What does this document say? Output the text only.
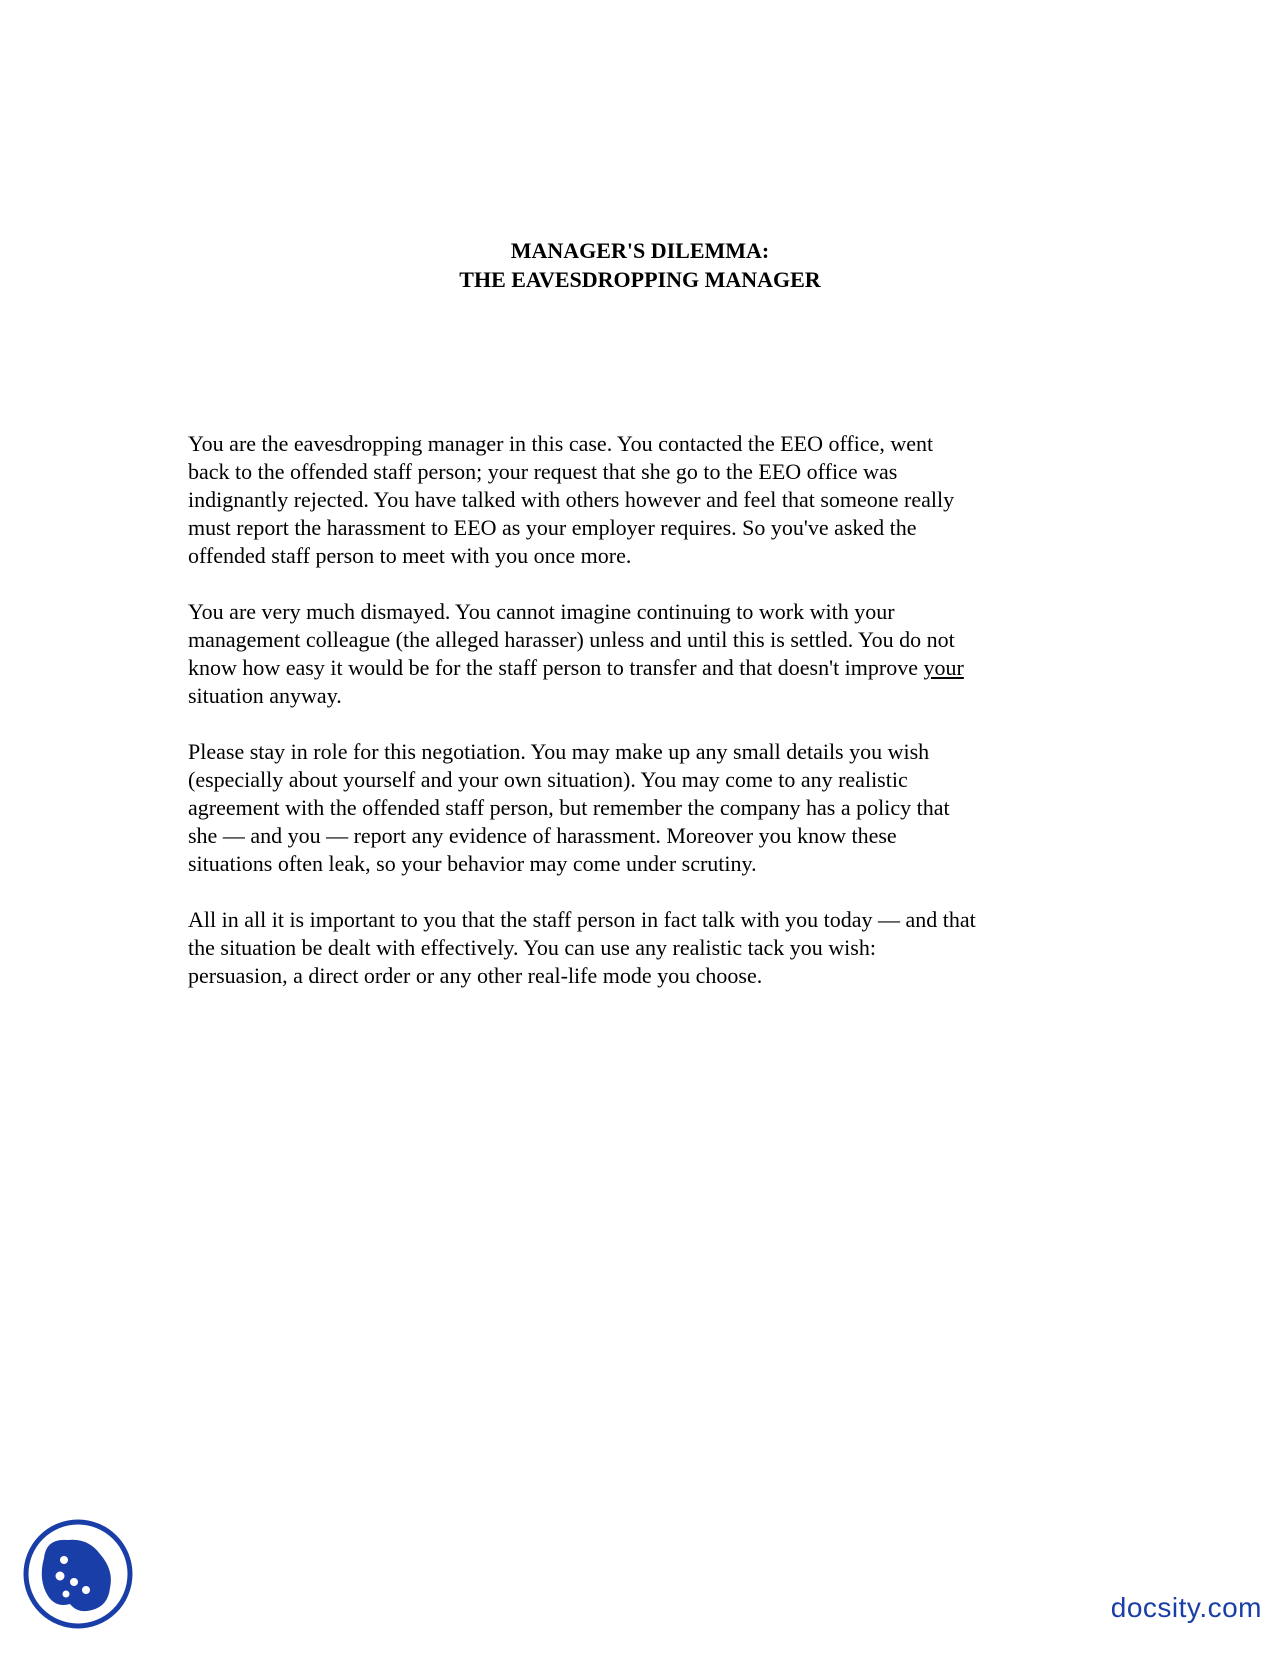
MANAGER'S DILEMMA:
THE EAVESDROPPING MANAGER
You are the eavesdropping manager in this case. You contacted the EEO office, went
back to the offended staff person; your request that she go to the EEO office was
indignantly rejected. You have talked with others however and feel that someone really
must report the harassment to EEO as your employer requires. So you've asked the
offended staff person to meet with you once more.
You are very much dismayed. You cannot imagine continuing to work with your
management colleague (the alleged harasser) unless and until this is settled. You do not
know how easy it would be for the staff person to transfer and that doesn't improve your
situation anyway.
Please stay in role for this negotiation. You may make up any small details you wish
(especially about yourself and your own situation). You may come to any realistic
agreement with the offended staff person, but remember the company has a policy that
she — and you — report any evidence of harassment. Moreover you know these
situations often leak, so your behavior may come under scrutiny.
All in all it is important to you that the staff person in fact talk with you today — and that
the situation be dealt with effectively. You can use any realistic tack you wish:
persuasion, a direct order or any other real-life mode you choose.
docsity.com
